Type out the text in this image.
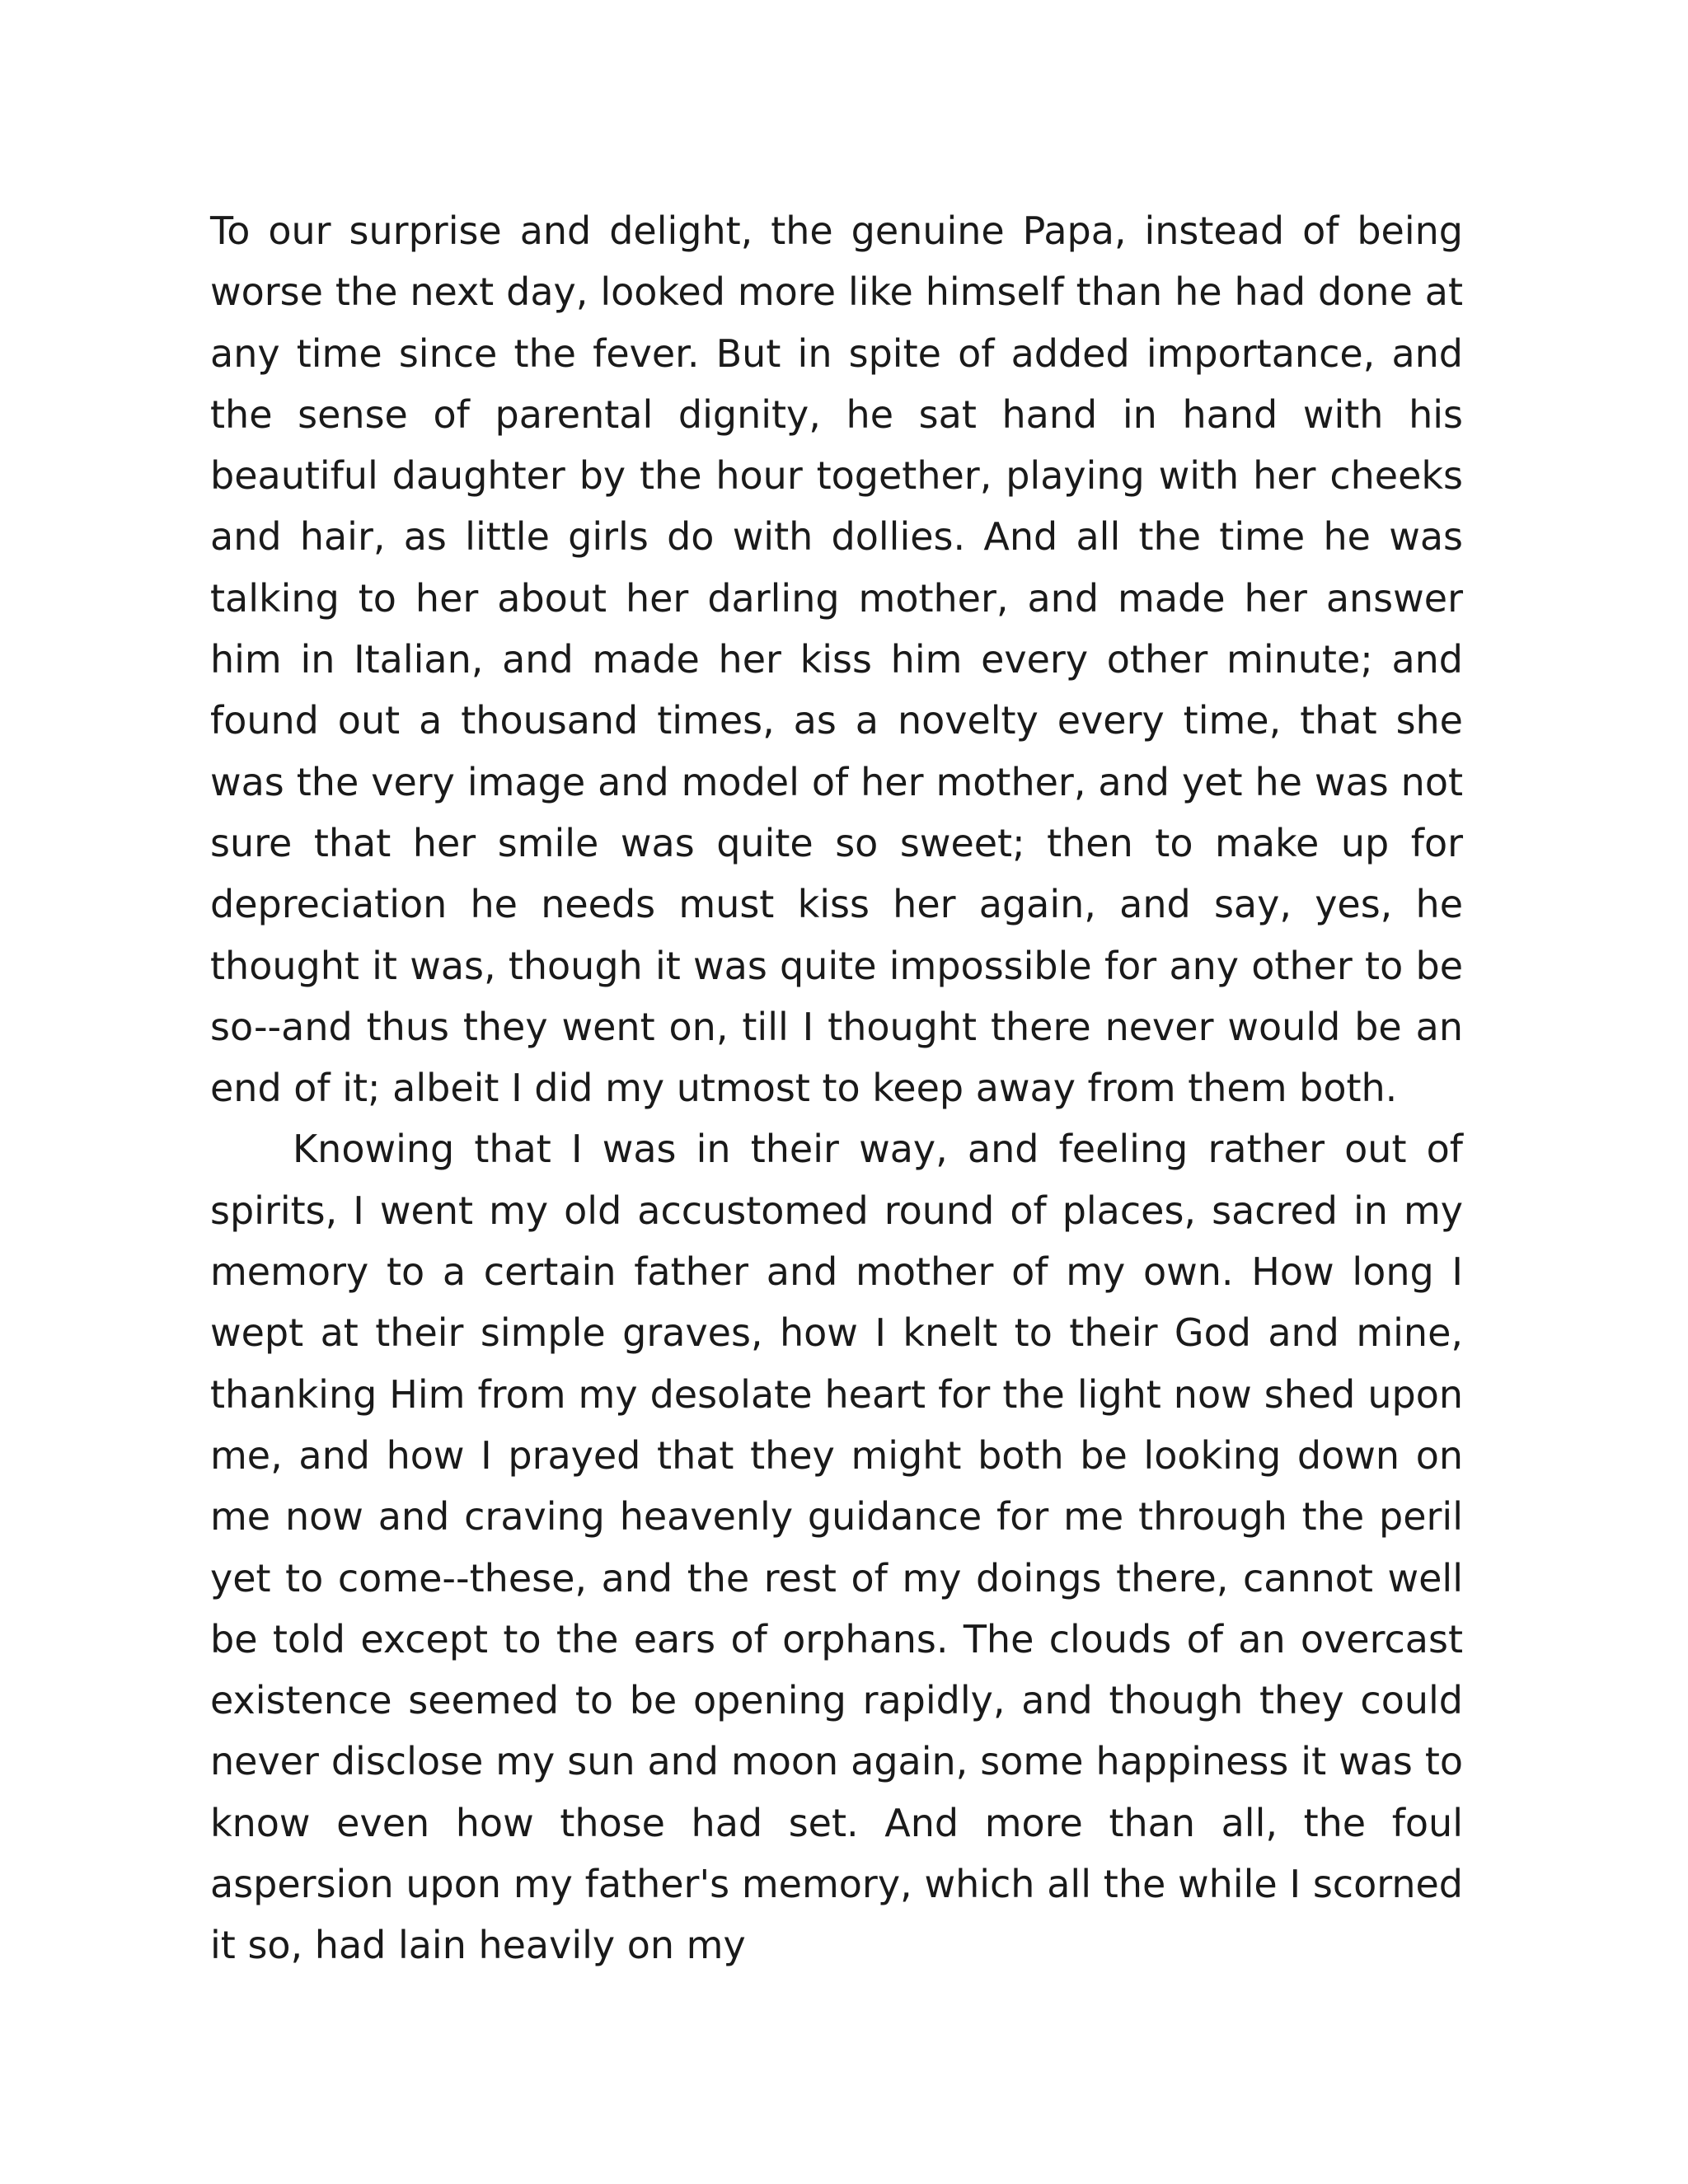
To our surprise and delight, the genuine Papa, instead of being worse the next day, looked more like himself than he had done at any time since the fever. But in spite of added importance, and the sense of parental dignity, he sat hand in hand with his beautiful daughter by the hour together, playing with her cheeks and hair, as little girls do with dollies. And all the time he was talking to her about her darling mother, and made her answer him in Italian, and made her kiss him every other minute; and found out a thousand times, as a novelty every time, that she was the very image and model of her mother, and yet he was not sure that her smile was quite so sweet; then to make up for depreciation he needs must kiss her again, and say, yes, he thought it was, though it was quite impossible for any other to be so--and thus they went on, till I thought there never would be an end of it; albeit I did my utmost to keep away from them both.

Knowing that I was in their way, and feeling rather out of spirits, I went my old accustomed round of places, sacred in my memory to a certain father and mother of my own. How long I wept at their simple graves, how I knelt to their God and mine, thanking Him from my desolate heart for the light now shed upon me, and how I prayed that they might both be looking down on me now and craving heavenly guidance for me through the peril yet to come--these, and the rest of my doings there, cannot well be told except to the ears of orphans. The clouds of an overcast existence seemed to be opening rapidly, and though they could never disclose my sun and moon again, some happiness it was to know even how those had set. And more than all, the foul aspersion upon my father's memory, which all the while I scorned it so, had lain heavily on my
